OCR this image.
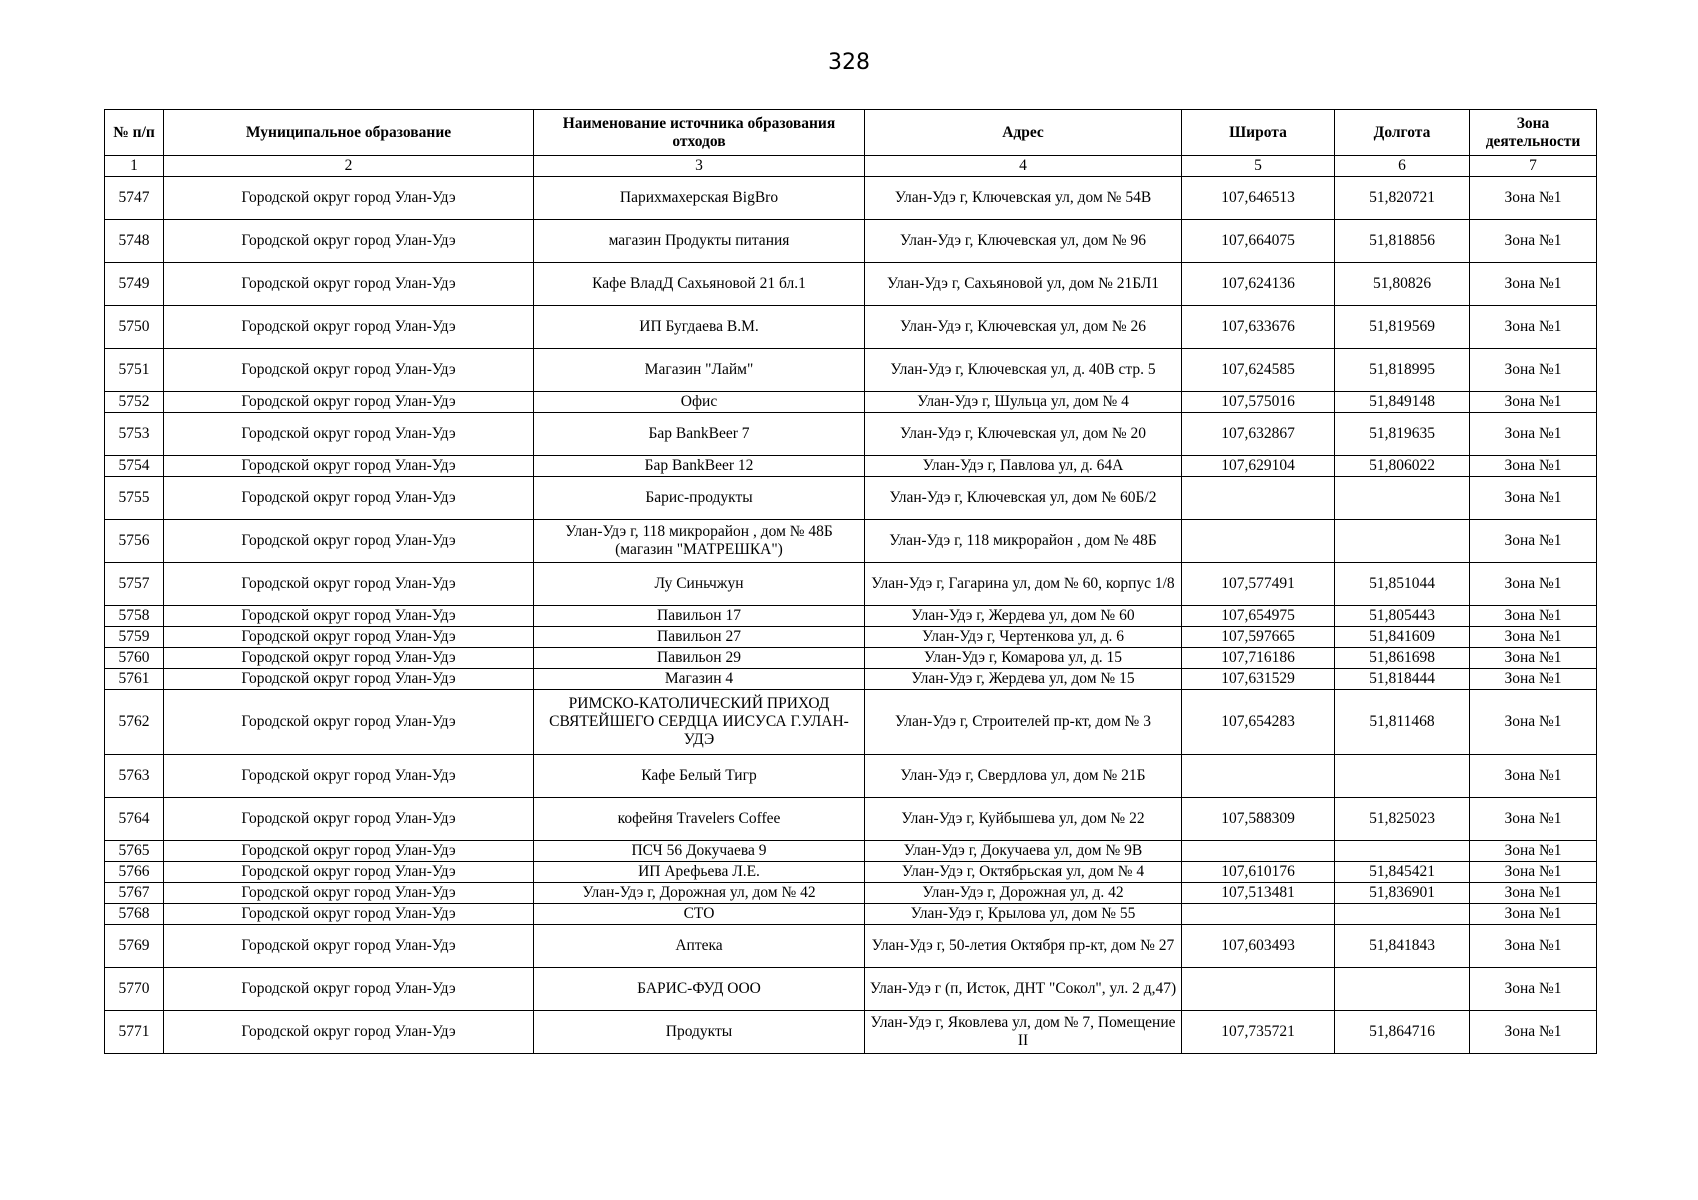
328
№ п/п	Муниципальное образование	Наименование источника образования отходов	Адрес	Широта	Долгота	Зона деятельности
1	2	3	4	5	6	7
5747	Городской округ город Улан-Удэ	Парихмахерская BigBro	Улан-Удэ г, Ключевская ул, дом № 54В	107,646513	51,820721	Зона №1
5748	Городской округ город Улан-Удэ	магазин Продукты питания	Улан-Удэ г, Ключевская ул, дом № 96	107,664075	51,818856	Зона №1
5749	Городской округ город Улан-Удэ	Кафе ВладД Сахьяновой 21 бл.1	Улан-Удэ г, Сахьяновой ул, дом № 21БЛ1	107,624136	51,80826	Зона №1
5750	Городской округ город Улан-Удэ	ИП Бугдаева В.М.	Улан-Удэ г, Ключевская ул, дом № 26	107,633676	51,819569	Зона №1
5751	Городской округ город Улан-Удэ	Магазин "Лайм"	Улан-Удэ г, Ключевская ул, д. 40В стр. 5	107,624585	51,818995	Зона №1
5752	Городской округ город Улан-Удэ	Офис	Улан-Удэ г, Шульца ул, дом № 4	107,575016	51,849148	Зона №1
5753	Городской округ город Улан-Удэ	Бар BankBeer 7	Улан-Удэ г, Ключевская ул, дом № 20	107,632867	51,819635	Зона №1
5754	Городской округ город Улан-Удэ	Бар BankBeer 12	Улан-Удэ г, Павлова ул, д. 64А	107,629104	51,806022	Зона №1
5755	Городской округ город Улан-Удэ	Барис-продукты	Улан-Удэ г, Ключевская ул, дом № 60Б/2			Зона №1
5756	Городской округ город Улан-Удэ	Улан-Удэ г, 118 микрорайон , дом № 48Б (магазин "МАТРЕШКА")	Улан-Удэ г, 118 микрорайон , дом № 48Б			Зона №1
5757	Городской округ город Улан-Удэ	Лу Синьчжун	Улан-Удэ г, Гагарина ул, дом № 60, корпус 1/8	107,577491	51,851044	Зона №1
5758	Городской округ город Улан-Удэ	Павильон 17	Улан-Удэ г, Жердева ул, дом № 60	107,654975	51,805443	Зона №1
5759	Городской округ город Улан-Удэ	Павильон 27	Улан-Удэ г, Чертенкова ул, д. 6	107,597665	51,841609	Зона №1
5760	Городской округ город Улан-Удэ	Павильон 29	Улан-Удэ г, Комарова ул, д. 15	107,716186	51,861698	Зона №1
5761	Городской округ город Улан-Удэ	Магазин 4	Улан-Удэ г, Жердева ул, дом № 15	107,631529	51,818444	Зона №1
5762	Городской округ город Улан-Удэ	РИМСКО-КАТОЛИЧЕСКИЙ ПРИХОД СВЯТЕЙШЕГО СЕРДЦА ИИСУСА Г.УЛАН-УДЭ	Улан-Удэ г, Строителей пр-кт, дом № 3	107,654283	51,811468	Зона №1
5763	Городской округ город Улан-Удэ	Кафе Белый Тигр	Улан-Удэ г, Свердлова ул, дом № 21Б			Зона №1
5764	Городской округ город Улан-Удэ	кофейня Travelers Coffee	Улан-Удэ г, Куйбышева ул, дом № 22	107,588309	51,825023	Зона №1
5765	Городской округ город Улан-Удэ	ПСЧ 56 Докучаева 9	Улан-Удэ г, Докучаева ул, дом № 9В			Зона №1
5766	Городской округ город Улан-Удэ	ИП Арефьева Л.Е.	Улан-Удэ г, Октябрьская ул, дом № 4	107,610176	51,845421	Зона №1
5767	Городской округ город Улан-Удэ	Улан-Удэ г, Дорожная ул, дом № 42	Улан-Удэ г, Дорожная ул, д. 42	107,513481	51,836901	Зона №1
5768	Городской округ город Улан-Удэ	СТО	Улан-Удэ г, Крылова ул, дом № 55			Зона №1
5769	Городской округ город Улан-Удэ	Аптека	Улан-Удэ г, 50-летия Октября пр-кт, дом № 27	107,603493	51,841843	Зона №1
5770	Городской округ город Улан-Удэ	БАРИС-ФУД ООО	Улан-Удэ г (п, Исток, ДНТ "Сокол", ул. 2 д,47)			Зона №1
5771	Городской округ город Улан-Удэ	Продукты	Улан-Удэ г, Яковлева ул, дом № 7, Помещение II	107,735721	51,864716	Зона №1
